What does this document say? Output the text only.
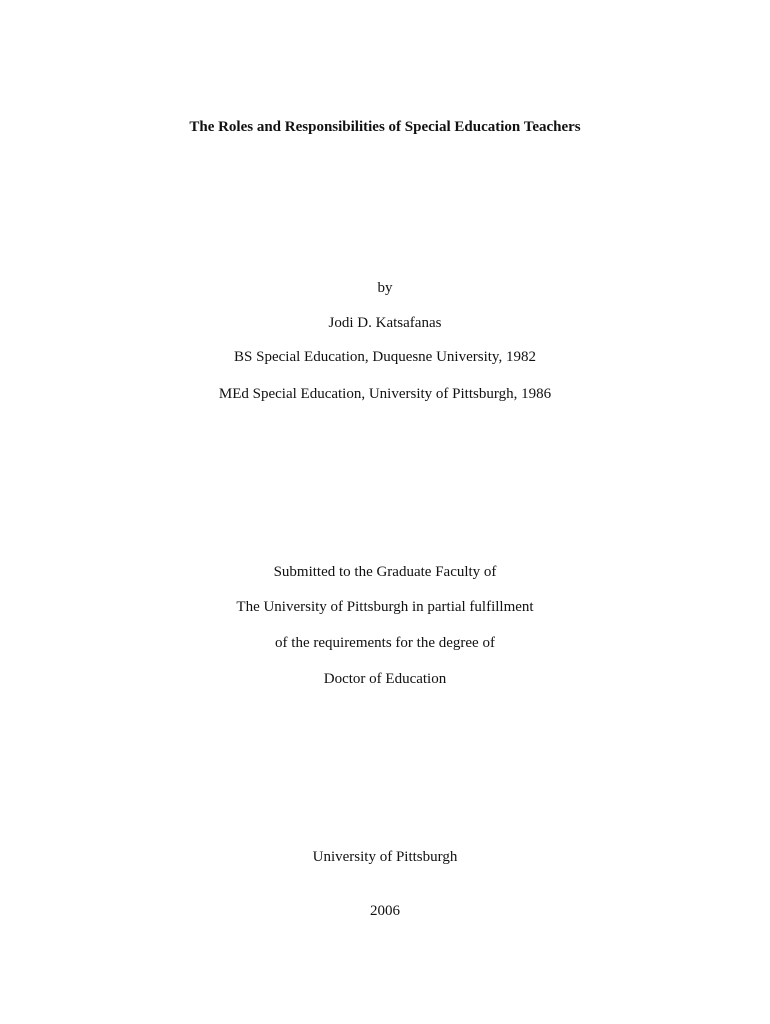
The Roles and Responsibilities of Special Education Teachers
by
Jodi D. Katsafanas
BS Special Education, Duquesne University, 1982
MEd Special Education, University of Pittsburgh, 1986
Submitted to the Graduate Faculty of
The University of Pittsburgh in partial fulfillment
of the requirements for the degree of
Doctor of Education
University of Pittsburgh
2006
